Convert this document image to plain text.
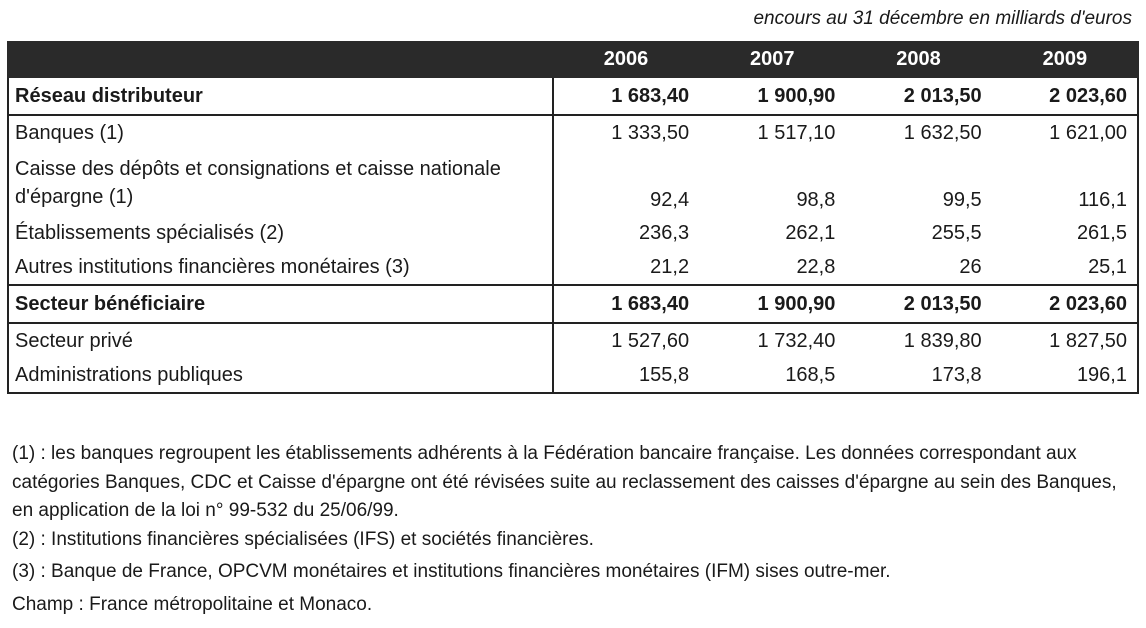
encours au 31 décembre en milliards d'euros
	2006	2007	2008	2009
Réseau distributeur	1 683,40	1 900,90	2 013,50	2 023,60
Banques (1)	1 333,50	1 517,10	1 632,50	1 621,00
Caisse des dépôts et consignations et caisse nationale d'épargne (1)	92,4	98,8	99,5	116,1
Établissements spécialisés (2)	236,3	262,1	255,5	261,5
Autres institutions financières monétaires (3)	21,2	22,8	26	25,1
Secteur bénéficiaire	1 683,40	1 900,90	2 013,50	2 023,60
Secteur privé	1 527,60	1 732,40	1 839,80	1 827,50
Administrations publiques	155,8	168,5	173,8	196,1

(1) : les banques regroupent les établissements adhérents à la Fédération bancaire française. Les données correspondant aux catégories Banques, CDC et Caisse d'épargne ont été révisées suite au reclassement des caisses d'épargne au sein des Banques, en application de la loi n° 99-532 du 25/06/99.

(2) : Institutions financières spécialisées (IFS) et sociétés financières.

(3) : Banque de France, OPCVM monétaires et institutions financières monétaires (IFM) sises outre-mer.

Champ : France métropolitaine et Monaco.
